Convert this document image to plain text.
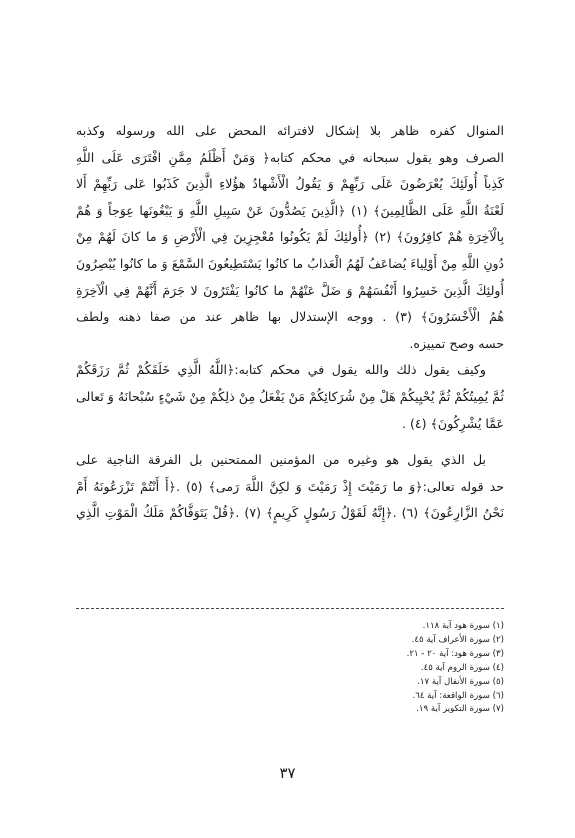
المنوال كفره ظاهر بلا إشكال لافترائه المحض على الله ورسوله وكذبه
الصرف وهو يقول سبحانه في محكم كتابه﴿ وَمَنْ أَظْلَمُ مِمَّنِ افْتَرَى عَلَى اللَّهِ
كَذِباً أُولَئِكَ يُعْرَضُونَ عَلَى رَبِّهِمْ وَ يَقُولُ الْأَشْهادُ هؤُلاءِ الَّذِينَ كَذَبُوا عَلى رَبِّهِمْ أَلا
لَعْنَةُ اللَّهِ عَلَى الظَّالِمِينَ﴾ (١) ﴿الَّذِينَ يَصُدُّونَ عَنْ سَبِيلِ اللَّهِ وَ يَبْغُونَها عِوَجاً وَ هُمْ
بِالْآخِرَةِ هُمْ كافِرُونَ﴾ (٢) ﴿أُولئِكَ لَمْ يَكُونُوا مُعْجِزِينَ فِي الْأَرْضِ وَ ما كانَ لَهُمْ مِنْ
دُونِ اللَّهِ مِنْ أَوْلِياءَ يُضاعَفُ لَهُمُ الْعَذابُ ما كانُوا يَسْتَطِيعُونَ السَّمْعَ وَ ما كانُوا يُبْصِرُونَ
أُولئِكَ الَّذِينَ خَسِرُوا أَنْفُسَهُمْ وَ ضَلَّ عَنْهُمْ ما كانُوا يَفْتَرُونَ لا جَرَمَ أَنَّهُمْ فِي الْآخِرَةِ
هُمُ الْأَخْسَرُونَ﴾ (٣) . ووجه الإستدلال بها ظاهر عند من صفا ذهنه ولطف
حسه وصح تمييزه.
وكيف يقول ذلك والله يقول في محكم كتابه:﴿اللَّهُ الَّذِي خَلَقَكُمْ ثُمَّ رَزَقَكُمْ
ثُمَّ يُمِيتُكُمْ ثُمَّ يُحْيِيكُمْ هَلْ مِنْ شُرَكائِكُمْ مَنْ يَفْعَلُ مِنْ ذلِكُمْ مِنْ شَيْءٍ سُبْحانَهُ وَ تَعالى
عَمَّا يُشْرِكُونَ﴾ (٤) .
بل الذي يقول هو وغيره من المؤمنين الممتحنين بل الفرقة الناجية على
حد قوله تعالى:﴿وَ ما رَمَيْتَ إِذْ رَمَيْتَ وَ لكِنَّ اللَّهَ رَمى﴾ (٥) .﴿أَ أَنْتُمْ تَزْرَعُونَهُ أَمْ
نَحْنُ الزَّارِعُونَ﴾ (٦) .﴿إِنَّهُ لَقَوْلُ رَسُولٍ كَرِيمٍ﴾ (٧) .﴿قُلْ يَتَوَفَّاكُمْ مَلَكُ الْمَوْتِ الَّذِي
(١) سورة هود آية ١١٨.
(٢) سورة الأعراف آية ٤٥.
(٣) سورة هود: آية ٢٠ - ٢١.
(٤) سورة الروم آية ٤٥.
(٥) سورة الأنفال آية ١٧.
(٦) سورة الواقعة: آية ٦٤.
(٧) سورة التكوير آية ١٩.
٣٧
